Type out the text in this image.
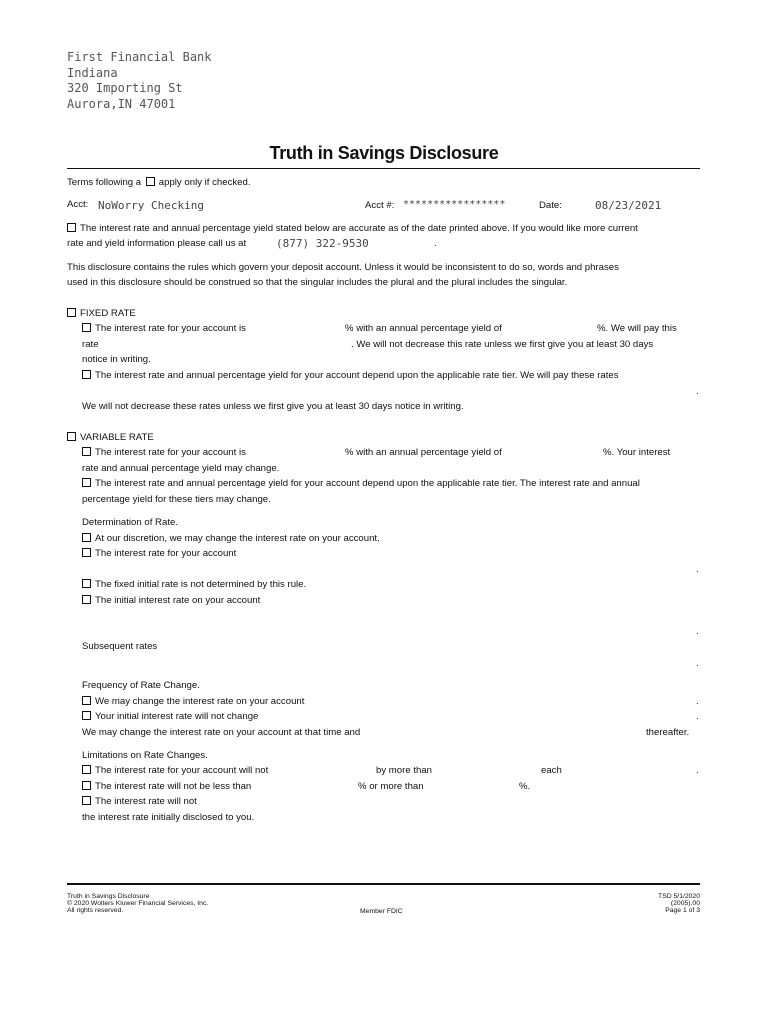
First Financial Bank
Indiana
320 Importing St
Aurora,IN 47001
Truth in Savings Disclosure
Terms following a apply only if checked.
Acct: NoWorry Checking	Acct #: *****************	Date:	08/23/2021
The interest rate and annual percentage yield stated below are accurate as of the date printed above. If you would like more current
rate and yield information please call us at	(877) 322-9530	.
This disclosure contains the rules which govern your deposit account. Unless it would be inconsistent to do so, words and phrases
used in this disclosure should be construed so that the singular includes the plural and the plural includes the singular.
FIXED RATE
The interest rate for your account is	% with an annual percentage yield of	%. We will pay this
rate	. We will not decrease this rate unless we first give you at least 30 days
notice in writing.
The interest rate and annual percentage yield for your account depend upon the applicable rate tier. We will pay these rates
.
We will not decrease these rates unless we first give you at least 30 days notice in writing.
VARIABLE RATE
The interest rate for your account is	% with an annual percentage yield of	%. Your interest
rate and annual percentage yield may change.
The interest rate and annual percentage yield for your account depend upon the applicable rate tier. The interest rate and annual
percentage yield for these tiers may change.
Determination of Rate.
At our discretion, we may change the interest rate on your account.
The interest rate for your account
.
The fixed initial rate is not determined by this rule.
The initial interest rate on your account
.
Subsequent rates
.
Frequency of Rate Change.
We may change the interest rate on your account	.
Your initial interest rate will not change	.
We may change the interest rate on your account at that time and	thereafter.
Limitations on Rate Changes.
The interest rate for your account will not	by more than	each	.
The interest rate will not be less than	% or more than	%.
The interest rate will not
the interest rate initially disclosed to you.
Truth in Savings Disclosure
© 2020 Wolters Kluwer Financial Services, Inc.
All rights reserved.	Member FDIC
TSD 5/1/2020
(2005).00
Page 1 of 3
